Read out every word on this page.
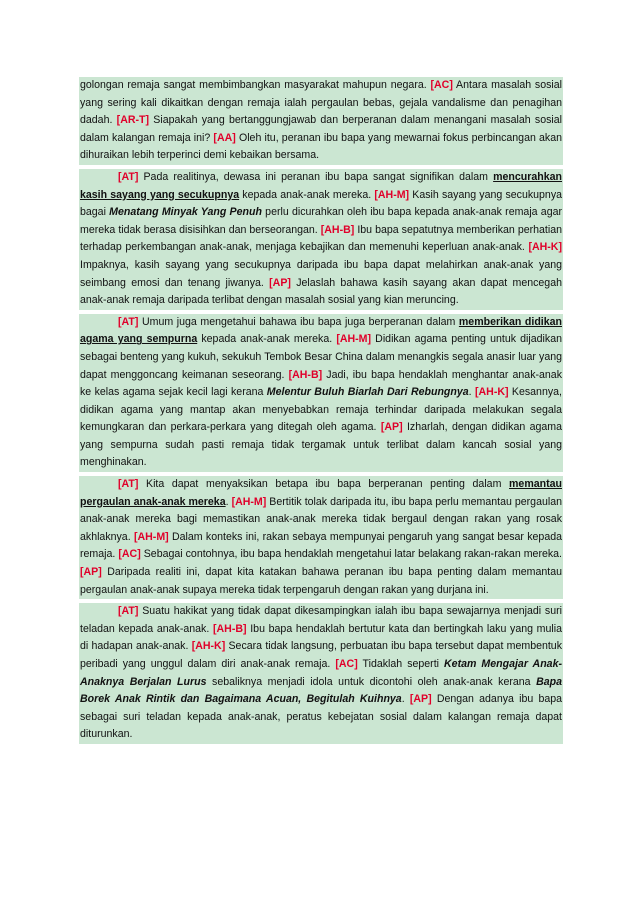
golongan remaja sangat membimbangkan masyarakat mahupun negara. [AC] Antara masalah sosial yang sering kali dikaitkan dengan remaja ialah pergaulan bebas, gejala vandalisme dan penagihan dadah. [AR-T] Siapakah yang bertanggungjawab dan berperanan dalam menangani masalah sosial dalam kalangan remaja ini? [AA] Oleh itu, peranan ibu bapa yang mewarnai fokus perbincangan akan dihuraikan lebih terperinci demi kebaikan bersama.
[AT] Pada realitinya, dewasa ini peranan ibu bapa sangat signifikan dalam mencurahkan kasih sayang yang secukupnya kepada anak-anak mereka. [AH-M] Kasih sayang yang secukupnya bagai Menatang Minyak Yang Penuh perlu dicurahkan oleh ibu bapa kepada anak-anak remaja agar mereka tidak berasa disisihkan dan berseorangan. [AH-B] Ibu bapa sepatutnya memberikan perhatian terhadap perkembangan anak-anak, menjaga kebajikan dan memenuhi keperluan anak-anak. [AH-K] Impaknya, kasih sayang yang secukupnya daripada ibu bapa dapat melahirkan anak-anak yang seimbang emosi dan tenang jiwanya. [AP] Jelaslah bahawa kasih sayang akan dapat mencegah anak-anak remaja daripada terlibat dengan masalah sosial yang kian meruncing.
[AT] Umum juga mengetahui bahawa ibu bapa juga berperanan dalam memberikan didikan agama yang sempurna kepada anak-anak mereka. [AH-M] Didikan agama penting untuk dijadikan sebagai benteng yang kukuh, sekukuh Tembok Besar China dalam menangkis segala anasir luar yang dapat menggoncang keimanan seseorang. [AH-B] Jadi, ibu bapa hendaklah menghantar anak-anak ke kelas agama sejak kecil lagi kerana Melentur Buluh Biarlah Dari Rebungnya. [AH-K] Kesannya, didikan agama yang mantap akan menyebabkan remaja terhindar daripada melakukan segala kemungkaran dan perkara-perkara yang ditegah oleh agama. [AP] Izharlah, dengan didikan agama yang sempurna sudah pasti remaja tidak tergamak untuk terlibat dalam kancah sosial yang menghinakan.
[AT] Kita dapat menyaksikan betapa ibu bapa berperanan penting dalam memantau pergaulan anak-anak mereka. [AH-M] Bertitik tolak daripada itu, ibu bapa perlu memantau pergaulan anak-anak mereka bagi memastikan anak-anak mereka tidak bergaul dengan rakan yang rosak akhlaknya. [AH-M] Dalam konteks ini, rakan sebaya mempunyai pengaruh yang sangat besar kepada remaja. [AC] Sebagai contohnya, ibu bapa hendaklah mengetahui latar belakang rakan-rakan mereka. [AP] Daripada realiti ini, dapat kita katakan bahawa peranan ibu bapa penting dalam memantau pergaulan anak-anak supaya mereka tidak terpengaruh dengan rakan yang durjana ini.
[AT] Suatu hakikat yang tidak dapat dikesampingkan ialah ibu bapa sewajarnya menjadi suri teladan kepada anak-anak. [AH-B] Ibu bapa hendaklah bertutur kata dan bertingkah laku yang mulia di hadapan anak-anak. [AH-K] Secara tidak langsung, perbuatan ibu bapa tersebut dapat membentuk peribadi yang unggul dalam diri anak-anak remaja. [AC] Tidaklah seperti Ketam Mengajar Anak-Anaknya Berjalan Lurus sebaliknya menjadi idola untuk dicontohi oleh anak-anak kerana Bapa Borek Anak Rintik dan Bagaimana Acuan, Begitulah Kuihnya. [AP] Dengan adanya ibu bapa sebagai suri teladan kepada anak-anak, peratus kebejatan sosial dalam kalangan remaja dapat diturunkan.
